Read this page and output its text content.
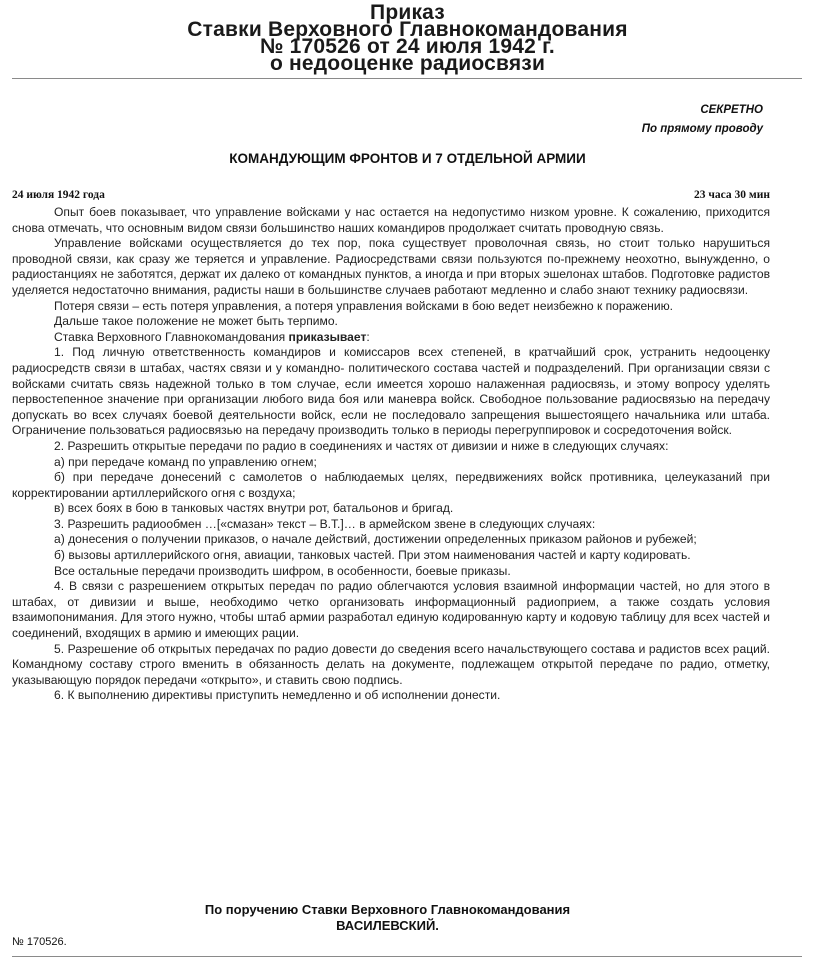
Приказ
Ставки Верховного Главнокомандования
№ 170526 от 24 июля 1942 г.
о недооценке радиосвязи
СЕКРЕТНО
По прямому проводу
КОМАНДУЮЩИМ ФРОНТОВ И 7 ОТДЕЛЬНОЙ АРМИИ
24 июля 1942 года	23 часа 30 мин

Опыт боев показывает, что управление войсками у нас остается на недопустимо низком уровне. К сожалению, приходится снова отмечать, что основным видом связи большинство наших командиров продолжает считать проводную связь.

Управление войсками осуществляется до тех пор, пока существует проволочная связь, но стоит только нарушиться проводной связи, как сразу же теряется и управление. Радиосредствами связи пользуются по-прежнему неохотно, вынужденно, о радиостанциях не заботятся, держат их далеко от командных пунктов, а иногда и при вторых эшелонах штабов. Подготовке радистов уделяется недостаточно внимания, радисты наши в большинстве случаев работают медленно и слабо знают технику радиосвязи.

Потеря связи – есть потеря управления, а потеря управления войсками в бою ведет неизбежно к поражению.

Дальше такое положение не может быть терпимо.

Ставка Верховного Главнокомандования приказывает:

1. Под личную ответственность командиров и комиссаров всех степеней, в кратчайший срок, устранить недооценку радиосредств связи в штабах, частях связи и у командно- политического состава частей и подразделений. При организации связи с войсками считать связь надежной только в том случае, если имеется хорошо налаженная радиосвязь, и этому вопросу уделять первостепенное значение при организации любого вида боя или маневра войск. Свободное пользование радиосвязью на передачу допускать во всех случаях боевой деятельности войск, если не последовало запрещения вышестоящего начальника или штаба. Ограничение пользоваться радиосвязью на передачу производить только в периоды перегруппировок и сосредоточения войск.

2. Разрешить открытые передачи по радио в соединениях и частях от дивизии и ниже в следующих случаях:

а) при передаче команд по управлению огнем;

б) при передаче донесений с самолетов о наблюдаемых целях, передвижениях войск противника, целеуказаний при корректировании артиллерийского огня с воздуха;

в) всех боях в бою в танковых частях внутри рот, батальонов и бригад.

3. Разрешить радиообмен …[«смазан» текст – В.Т.]… в армейском звене в следующих случаях:

а) донесения о получении приказов, о начале действий, достижении определенных приказом районов и рубежей;

б) вызовы артиллерийского огня, авиации, танковых частей. При этом наименования частей и карту кодировать.

Все остальные передачи производить шифром, в особенности, боевые приказы.

4. В связи с разрешением открытых передач по радио облегчаются условия взаимной информации частей, но для этого в штабах, от дивизии и выше, необходимо четко организовать информационный радиоприем, а также создать условия взаимопонимания. Для этого нужно, чтобы штаб армии разработал единую кодированную карту и кодовую таблицу для всех частей и соединений, входящих в армию и имеющих рации.

5. Разрешение об открытых передачах по радио довести до сведения всего начальствующего состава и радистов всех раций. Командному составу строго вменить в обязанность делать на документе, подлежащем открытой передаче по радио, отметку, указывающую порядок передачи «открыто», и ставить свою подпись.

6. К выполнению директивы приступить немедленно и об исполнении донести.

По поручению Ставки Верховного Главнокомандования
ВАСИЛЕВСКИЙ.
№ 170526.
